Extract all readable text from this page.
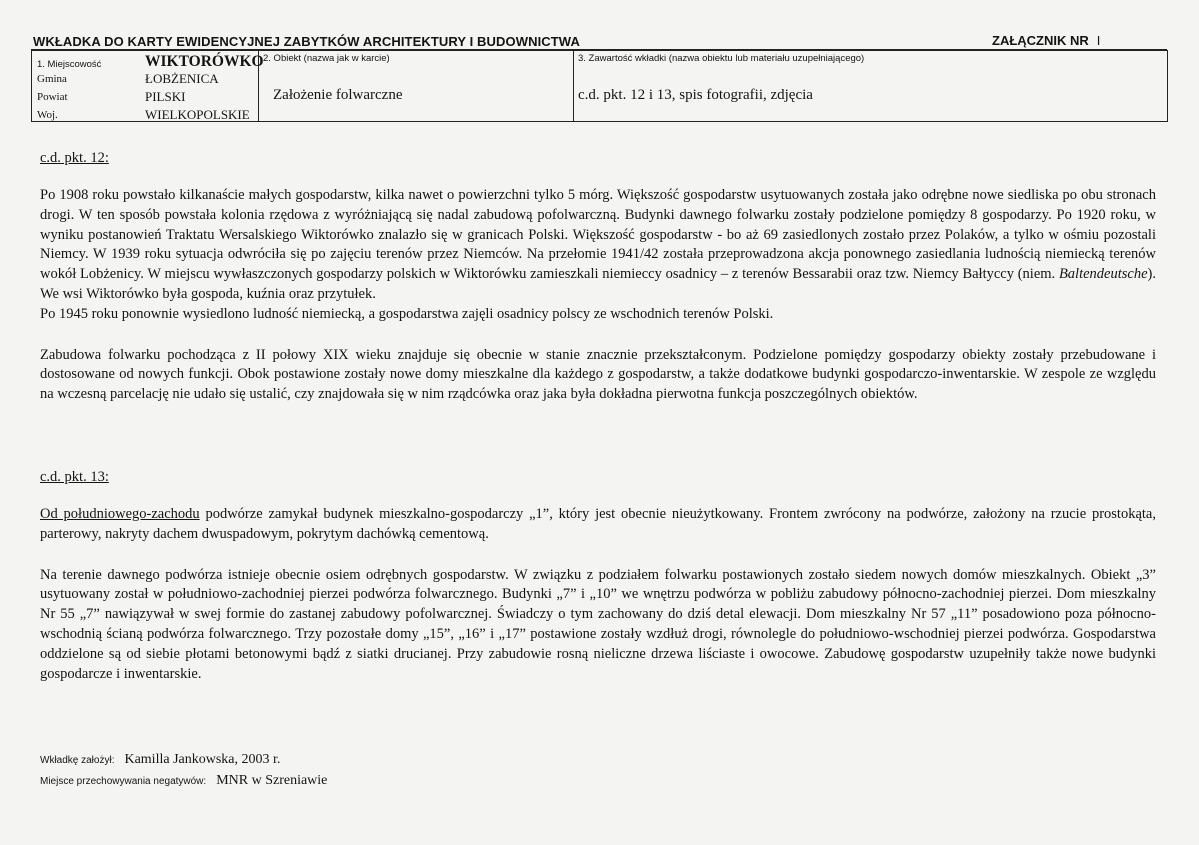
WKŁADKA DO KARTY EWIDENCYJNEJ ZABYTKÓW ARCHITEKTURY I BUDOWNICTWA	ZAŁĄCZNIK NR I
1. Miejscowość	WIKTORÓWKO
Gmina	ŁOBŻENICA
Powiat	PILSKI
Woj.	WIELKOPOLSKIE

2. Obiekt (nazwa jak w karcie)
Założenie folwarczne

3. Zawartość wkładki (nazwa obiektu lub materiału uzupełniającego)
c.d. pkt. 12 i 13, spis fotografii, zdjęcia
c.d. pkt. 12:

Po 1908 roku powstało kilkanaście małych gospodarstw, kilka nawet o powierzchni tylko 5 mórg. Większość gospodarstw usytuowanych została jako odrębne nowe siedliska po obu stronach drogi. W ten sposób powstała kolonia rzędowa z wyróżniającą się nadal zabudową pofolwarczną. Budynki dawnego folwarku zostały podzielone pomiędzy 8 gospodarzy. Po 1920 roku, w wyniku postanowień Traktatu Wersalskiego Wiktorówko znalazło się w granicach Polski. Większość gospodarstw - bo aż 69 zasiedlonych zostało przez Polaków, a tylko w ośmiu pozostali Niemcy. W 1939 roku sytuacja odwróciła się po zajęciu terenów przez Niemców. Na przełomie 1941/42 została przeprowadzona akcja ponownego zasiedlania ludnością niemiecką terenów wokół Lobżenicy. W miejscu wywłaszczonych gospodarzy polskich w Wiktorówku zamieszkali niemieccy osadnicy – z terenów Bessarabii oraz tzw. Niemcy Bałtyccy (niem. Baltendeutsche). We wsi Wiktorówko była gospoda, kuźnia oraz przytułek.

Po 1945 roku ponownie wysiedlono ludność niemiecką, a gospodarstwa zajęli osadnicy polscy ze wschodnich terenów Polski.

Zabudowa folwarku pochodząca z II połowy XIX wieku znajduje się obecnie w stanie znacznie przekształconym. Podzielone pomiędzy gospodarzy obiekty zostały przebudowane i dostosowane od nowych funkcji. Obok postawione zostały nowe domy mieszkalne dla każdego z gospodarstw, a także dodatkowe budynki gospodarczo-inwentarskie. W zespole ze względu na wczesną parcelację nie udało się ustalić, czy znajdowała się w nim rządcówka oraz jaka była dokładna pierwotna funkcja poszczególnych obiektów.

c.d. pkt. 13:

Od południowego-zachodu podwórze zamykał budynek mieszkalno-gospodarczy „1”, który jest obecnie nieużytkowany. Frontem zwrócony na podwórze, założony na rzucie prostokąta, parterowy, nakryty dachem dwuspadowym, pokrytym dachówką cementową.

Na terenie dawnego podwórza istnieje obecnie osiem odrębnych gospodarstw. W związku z podziałem folwarku postawionych zostało siedem nowych domów mieszkalnych. Obiekt „3” usytuowany został w południowo-zachodniej pierzei podwórza folwarcznego. Budynki „7” i „10” we wnętrzu podwórza w pobliżu zabudowy północno-zachodniej pierzei. Dom mieszkalny Nr 55 „7” nawiązywał w swej formie do zastanej zabudowy pofolwarcznej. Świadczy o tym zachowany do dziś detal elewacji. Dom mieszkalny Nr 57 „11” posadowiono poza północno-wschodnią ścianą podwórza folwarcznego. Trzy pozostałe domy „15”, „16” i „17” postawione zostały wzdłuż drogi, równolegle do południowo-wschodniej pierzei podwórza. Gospodarstwa oddzielone są od siebie płotami betonowymi bądź z siatki drucianej. Przy zabudowie rosną nieliczne drzewa liściaste i owocowe. Zabudowę gospodarstw uzupełniły także nowe budynki gospodarcze i inwentarskie.

Wkładkę założył: Kamilla Jankowska, 2003 r.
Miejsce przechowywania negatywów: MNR w Szreniawie
